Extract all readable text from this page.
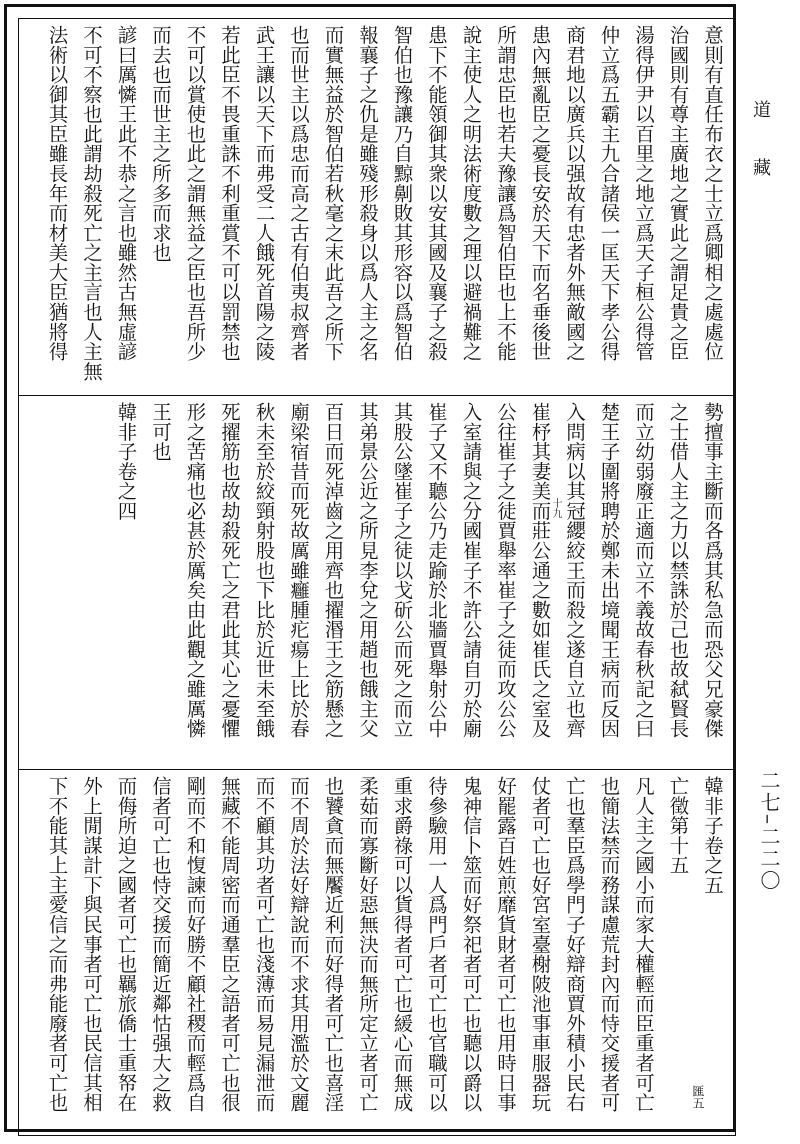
意則有直任布衣之士立爲卿相之處處位
治國則有尊主廣地之實此之謂足貴之臣
湯得伊尹以百里之地立爲天子桓公得管
仲立爲五霸主九合諸侯一匡天下孝公得
商君地以廣兵以强故有忠者外無敵國之
患內無亂臣之憂長安於天下而名垂後世
所謂忠臣也若夫豫讓爲智伯臣也上不能
說主使人之明法術度數之理以避禍難之
患下不能領御其衆以安其國及襄子之殺
智伯也豫讓乃自黥劓敗其形容以爲智伯
報襄子之仇是雖殘形殺身以爲人主之名
而實無益於智伯若秋毫之末此吾之所下
也而世主以爲忠而高之古有伯夷叔齊者
武王讓以天下而弗受二人餓死首陽之陵
若此臣不畏重誅不利重賞不可以罰禁也
不可以賞使也此之謂無益之臣也吾所少
而去也而世主之所多而求也
諺曰厲憐王此不恭之言也雖然古無虛諺
不可不察也此謂劫殺死亡之主言也人主無
法術以御其臣雖長年而材美大臣猶將得
勢擅事主斷而各爲其私急而恐父兄豪傑
之士借人主之力以禁誅於己也故弑賢長
而立幼弱廢正適而立不義故春秋記之曰
楚王子圍將聘於鄭未出境聞王病而反因
入問病以其冠纓絞王而殺之遂自立也齊
崔杼其妻美而莊公通之數如崔氏之室及
公往崔子之徒賈舉率崔子之徒而攻公公
入室請與之分國崔子不許公請自刃於廟
崔子又不聽公乃走踰於北牆賈舉射公中
其股公墜崔子之徒以戈斫公而死之而立
其弟景公近之所見李兌之用趙也餓主父
百日而死淖齒之用齊也擢湣王之筋懸之
廟梁宿昔而死故厲雖癰腫疕瘍上比於春
秋未至於絞頸射股也下比於近世未至餓
死擢筋也故劫殺死亡之君此其心之憂懼
形之苦痛也必甚於厲矣由此觀之雖厲憐
王可也
韓非子卷之四
韓非子卷之五
亡徵第十五
凡人主之國小而家大權輕而臣重者可亡
也簡法禁而務謀慮荒封內而恃交援者可
亡也羣臣爲學門子好辯商賈外積小民右
仗者可亡也好宮室臺榭陂池事車服器玩
好罷露百姓煎靡貨財者可亡也用時日事
鬼神信卜筮而好祭祀者可亡也聽以爵以
待參驗用一人爲門戶者可亡也官職可以
重求爵祿可以貨得者可亡也緩心而無成
柔茹而寡斷好惡無決而無所定立者可亡
也饕貪而無饜近利而好得者可亡也喜淫
而不周於法好辯說而不求其用濫於文麗
而不顧其功者可亡也淺薄而易見漏泄而
無藏不能周密而通羣臣之語者可亡也很
剛而不和愎諫而好勝不顧社稷而輕爲自
信者可亡也恃交援而簡近鄰怙强大之救
而侮所迫之國者可亡也羈旅僑士重帑在
外上閒謀計下與民事者可亡也民信其相
下不能其上主愛信之而弗能廢者可亡也
道藏
二七–二二〇
十九
匯五
